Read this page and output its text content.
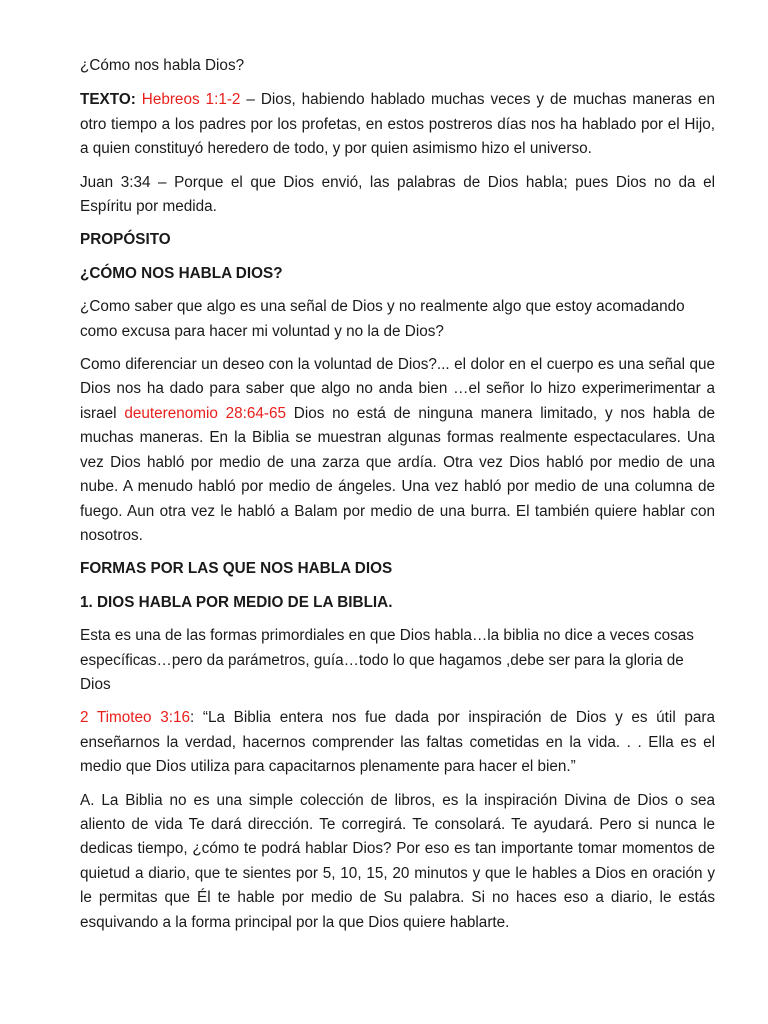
¿Cómo nos habla Dios?

TEXTO: Hebreos 1:1-2 – Dios, habiendo hablado muchas veces y de muchas maneras en otro tiempo a los padres por los profetas, en estos postreros días nos ha hablado por el Hijo, a quien constituyó heredero de todo, y por quien asimismo hizo el universo.

Juan 3:34 – Porque el que Dios envió, las palabras de Dios habla; pues Dios no da el Espíritu por medida.

PROPÓSITO

¿CÓMO NOS HABLA DIOS?

¿Como saber que algo es una señal de Dios y no realmente algo que estoy acomadando como excusa para hacer mi voluntad y no la de Dios?

Como diferenciar un deseo con la voluntad de Dios?... el dolor en el cuerpo es una señal que Dios nos ha dado para saber que algo no anda bien …el señor lo hizo experimerimentar a israel deuterenomio 28:64-65 Dios no está de ninguna manera limitado, y nos habla de muchas maneras. En la Biblia se muestran algunas formas realmente espectaculares. Una vez Dios habló por medio de una zarza que ardía. Otra vez Dios habló por medio de una nube. A menudo habló por medio de ángeles. Una vez habló por medio de una columna de fuego. Aun otra vez le habló a Balam por medio de una burra. El también quiere hablar con nosotros.

FORMAS POR LAS QUE NOS HABLA DIOS

1. DIOS HABLA POR MEDIO DE LA BIBLIA.

Esta es una de las formas primordiales en que Dios habla…la biblia no dice a veces cosas específicas…pero da parámetros, guía…todo lo que hagamos ,debe ser para la gloria de Dios

2 Timoteo 3:16: “La Biblia entera nos fue dada por inspiración de Dios y es útil para enseñarnos la verdad, hacernos comprender las faltas cometidas en la vida. . . Ella es el medio que Dios utiliza para capacitarnos plenamente para hacer el bien.”

A. La Biblia no es una simple colección de libros, es la inspiración Divina de Dios o sea aliento de vida Te dará dirección. Te corregirá. Te consolará. Te ayudará. Pero si nunca le dedicas tiempo, ¿cómo te podrá hablar Dios? Por eso es tan importante tomar momentos de quietud a diario, que te sientes por 5, 10, 15, 20 minutos y que le hables a Dios en oración y le permitas que Él te hable por medio de Su palabra. Si no haces eso a diario, le estás esquivando a la forma principal por la que Dios quiere hablarte.
